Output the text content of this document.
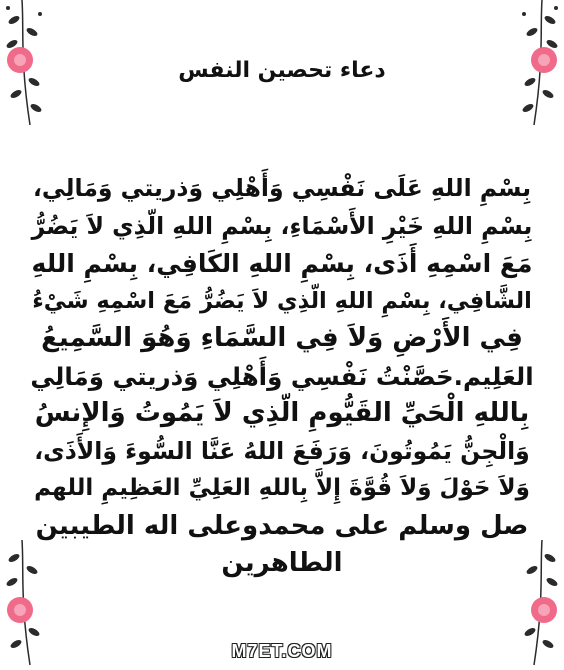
دعاء تحصين النفس
بِسْمِ اللهِ عَلَى نَفْسِي وَأَهْلِي وَذريتي وَمَالِي،
بِسْمِ اللهِ خَيْرِ الأَسْمَاءِ، بِسْمِ اللهِ الّذِي لاَ يَضُرُّ
مَعَ اسْمِهِ أَذَى، بِسْمِ اللهِ الكَافِي، بِسْمِ اللهِ
الشَّافِي، بِسْمِ اللهِ الّذِي لاَ يَضُرُّ مَعَ اسْمِهِ شَيْءُ
فِي الأَرْضِ وَلاَ فِي السَّمَاءِ وَهُوَ السَّمِيعُ
العَلِيم.حَصَّنْتُ نَفْسِي وَأَهْلِي وَذريتي وَمَالِي
بِاللهِ الْحَيِّ القَيُّومِ الّذِي لاَ يَمُوتُ وَالإِنسُ
وَالْجِنُّ يَمُوتُونَ، وَرَفَعَ اللهُ عَنَّا السُّوءَ وَالأَذَى،
وَلاَ حَوْلَ وَلاَ قُوَّةَ إِلاَّ بِاللهِ العَلِيِّ العَظِيمِ اللهم
صل وسلم على محمدوعلى اله الطيبين
الطاهرين
M7ET.COM
